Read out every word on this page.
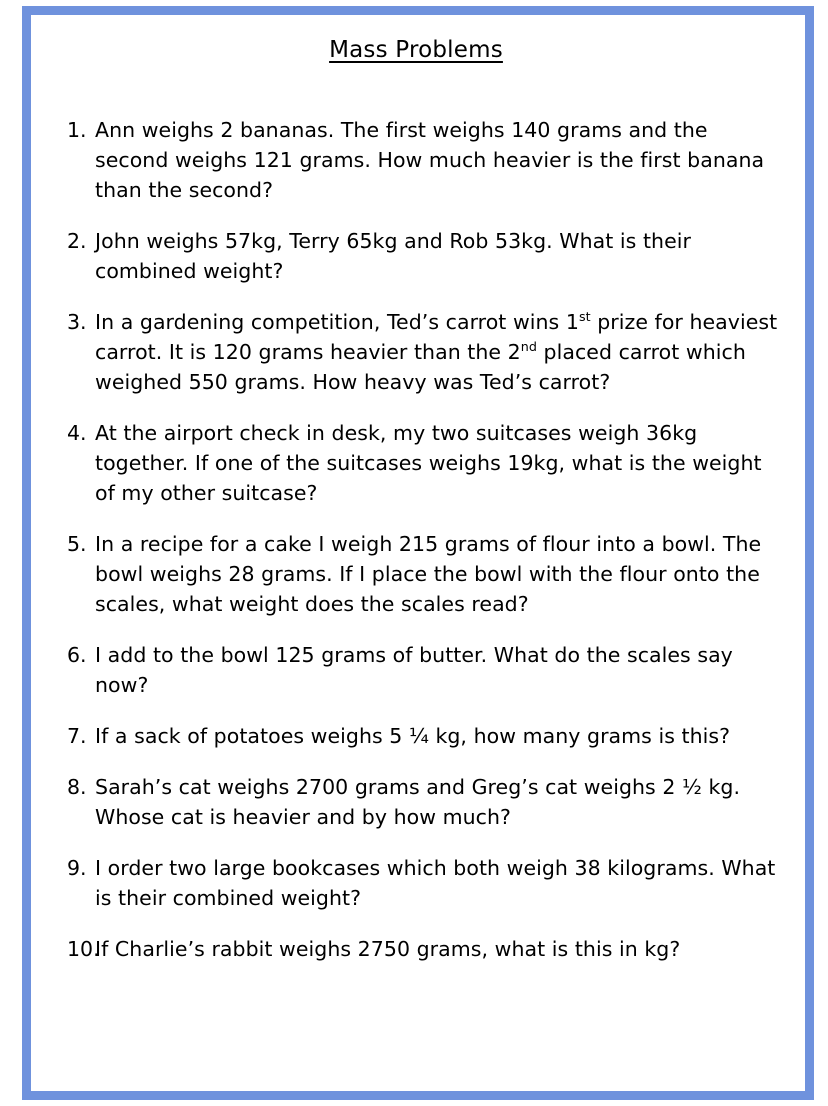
Mass Problems
1. Ann weighs 2 bananas. The first weighs 140 grams and the second weighs 121 grams. How much heavier is the first banana than the second?
2. John weighs 57kg, Terry 65kg and Rob 53kg. What is their combined weight?
3. In a gardening competition, Ted’s carrot wins 1st prize for heaviest carrot. It is 120 grams heavier than the 2nd placed carrot which weighed 550 grams. How heavy was Ted’s carrot?
4. At the airport check in desk, my two suitcases weigh 36kg together. If one of the suitcases weighs 19kg, what is the weight of my other suitcase?
5. In a recipe for a cake I weigh 215 grams of flour into a bowl. The bowl weighs 28 grams. If I place the bowl with the flour onto the scales, what weight does the scales read?
6. I add to the bowl 125 grams of butter. What do the scales say now?
7. If a sack of potatoes weighs 5 ¼ kg, how many grams is this?
8. Sarah’s cat weighs 2700 grams and Greg’s cat weighs 2 ½ kg. Whose cat is heavier and by how much?
9. I order two large bookcases which both weigh 38 kilograms. What is their combined weight?
10.
If Charlie’s rabbit weighs 2750 grams, what is this in kg?
